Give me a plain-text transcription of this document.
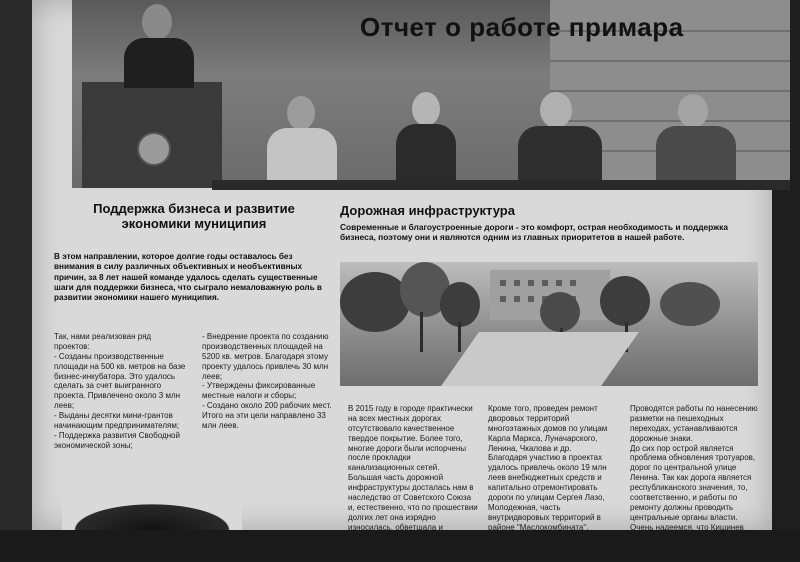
Отчет о работе примара
Поддержка бизнеса и развитие экономики муниципия
В этом направлении, которое долгие годы оставалось без внимания в силу различных объективных и необъективных причин, за 8 лет нашей команде удалось сделать существенные шаги для поддержки бизнеса, что сыграло немаловажную роль в развитии экономики нашего муниципия.

Так, нами реализован ряд проектов:
- Созданы производственные площади на 500 кв. метров на базе бизнес-инкубатора. Это удалось сделать за счет выигранного проекта. Привлечено около 3 млн леев;
- Выданы десятки мини-грантов начинающим предпринимателям;
- Поддержка развития Свободной экономической зоны;

- Внедрение проекта по созданию производственных площадей на 5200 кв. метров. Благодаря этому проекту удалось привлечь 30 млн леев;
- Утверждены фиксированные местные налоги и сборы;
- Создано около 200 рабочих мест.
Итого на эти цели направлено 33 млн леев.

Дорожная инфраструктура
Современные и благоустроенные дороги - это комфорт, острая необходимость и поддержка бизнеса, поэтому они и являются одним из главных приоритетов в нашей работе.

В 2015 году в городе практически на всех местных дорогах отсутствовало качественное твердое покрытие. Более того, многие дороги были испорчены после прокладки канализационных сетей.
Большая часть дорожной инфраструктуры досталась нам в наследство от Советского Союза и, естественно, что по прошествии долгих лет она изрядно износилась, обветшала и требовала капитального ремонта. Проезд автотранспорта на многих участ-

Кроме того, проведен ремонт дворовых территорий многоэтажных домов по улицам Карла Маркса, Луначарского, Ленина, Чкалова и др.
Благодаря участию в проектах удалось привлечь около 19 млн леев внебюджетных средств и капитально отремонтировать дороги по улицам Сергея Лазо, Молодежная, часть внутридворовых территорий в районе "Маслокомбината".
Перед местными органами власти стоит одна из важных задач -

Проводятся работы по нанесению разметки на пешеходных переходах, устанавливаются дорожные знаки.
До сих пор острой является проблема обновления тротуаров, дорог по центральной улице Ленина. Так как дорога является республиканского значения, то, соответственно, и работы по ремонту должны проводить центральные органы власти. Очень надеемся, что Кишинев выполнит взятые на себя обязательства и
